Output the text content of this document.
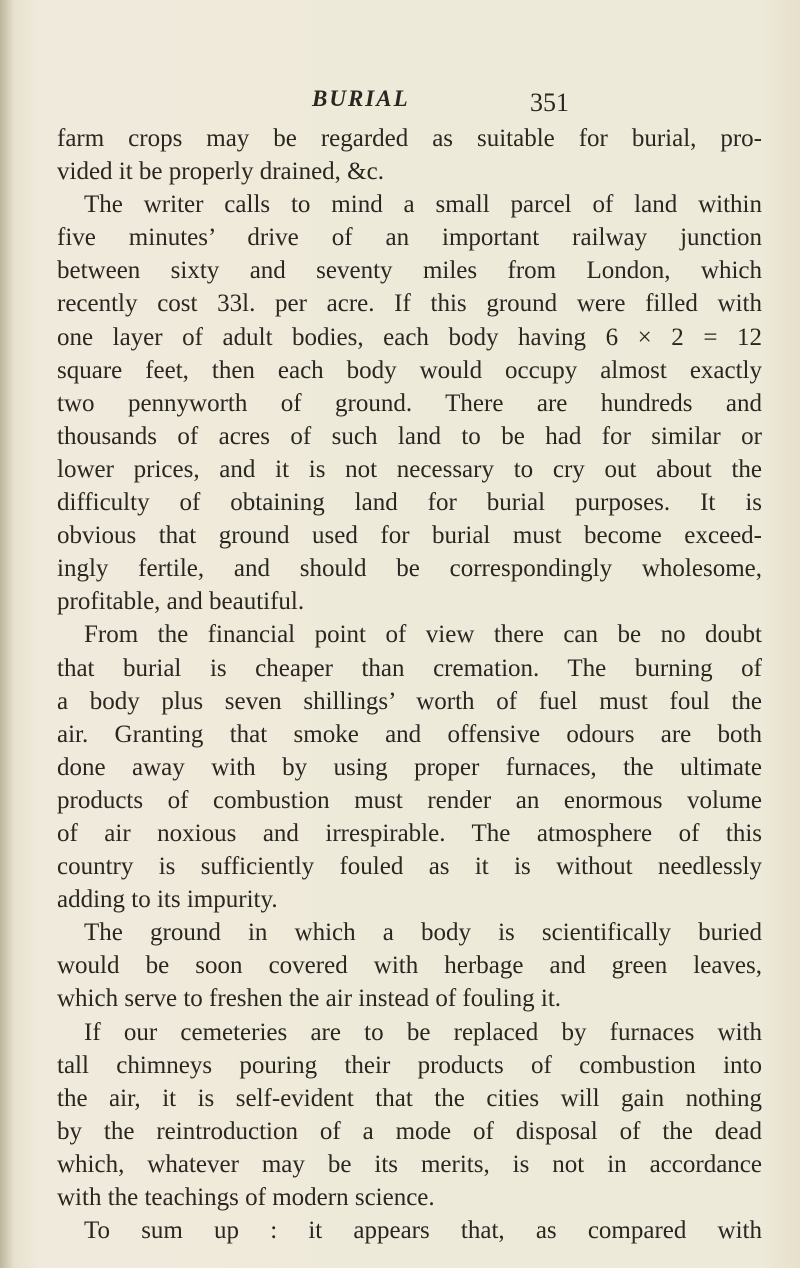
BURIAL	351
farm crops may be regarded as suitable for burial, pro-
vided it be properly drained, &c.
The writer calls to mind a small parcel of land within
five minutes’ drive of an important railway junction
between sixty and seventy miles from London, which
recently cost 33l. per acre. If this ground were filled with
one layer of adult bodies, each body having 6 × 2 = 12
square feet, then each body would occupy almost exactly
two pennyworth of ground. There are hundreds and
thousands of acres of such land to be had for similar or
lower prices, and it is not necessary to cry out about the
difficulty of obtaining land for burial purposes. It is
obvious that ground used for burial must become exceed-
ingly fertile, and should be correspondingly wholesome,
profitable, and beautiful.
From the financial point of view there can be no doubt
that burial is cheaper than cremation. The burning of
a body plus seven shillings’ worth of fuel must foul the
air. Granting that smoke and offensive odours are both
done away with by using proper furnaces, the ultimate
products of combustion must render an enormous volume
of air noxious and irrespirable. The atmosphere of this
country is sufficiently fouled as it is without needlessly
adding to its impurity.
The ground in which a body is scientifically buried
would be soon covered with herbage and green leaves,
which serve to freshen the air instead of fouling it.
If our cemeteries are to be replaced by furnaces with
tall chimneys pouring their products of combustion into
the air, it is self-evident that the cities will gain nothing
by the reintroduction of a mode of disposal of the dead
which, whatever may be its merits, is not in accordance
with the teachings of modern science.
To sum up : it appears that, as compared with
